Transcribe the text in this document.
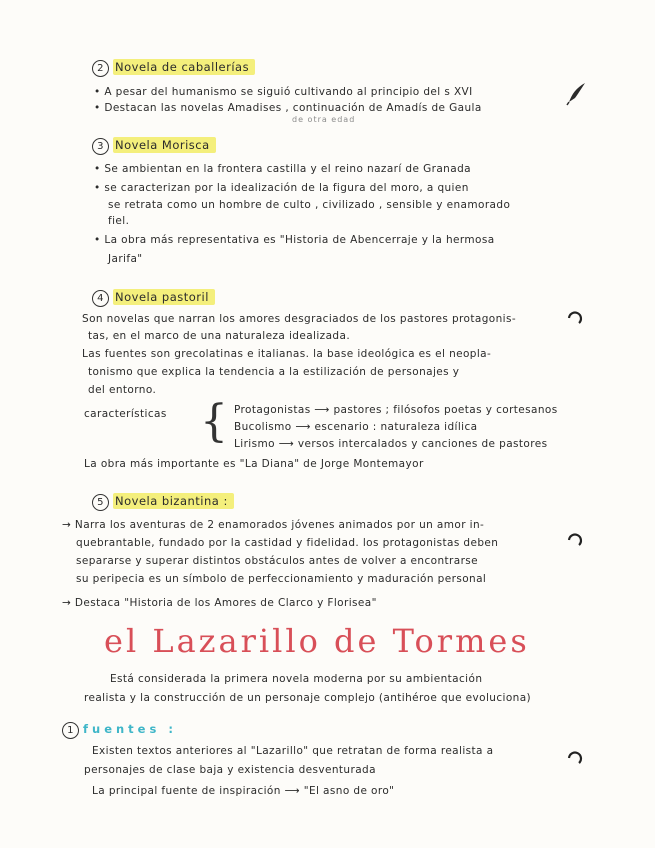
2 Novela de caballerías
• A pesar del humanismo se siguió cultivando al principio del s XVI
• Destacan las novelas Amadises , continuación de Amadís de Gaula
de otra edad
3 Novela Morisca
• Se ambientan en la frontera castilla y el reino nazarí de Granada
• se caracterizan por la idealización de la figura del moro, a quien
se retrata como un hombre de culto , civilizado , sensible y enamorado
fiel.
• La obra más representativa es "Historia de Abencerraje y la hermosa
Jarifa"
4 Novela pastoril
Son novelas que narran los amores desgraciados de los pastores protagonis-
tas, en el marco de una naturaleza idealizada.
Las fuentes son grecolatinas e italianas. la base ideológica es el neopla-
tonismo que explica la tendencia a la estilización de personajes y
del entorno.
características { Protagonistas ⟶ pastores ; filósofos poetas y cortesanos
Bucolismo ⟶ escenario : naturaleza idílica
Lirismo ⟶ versos intercalados y canciones de pastores
La obra más importante es "La Diana" de Jorge Montemayor
5 Novela bizantina :
→ Narra los aventuras de 2 enamorados jóvenes animados por un amor in-
quebrantable, fundado por la castidad y fidelidad. los protagonistas deben
separarse y superar distintos obstáculos antes de volver a encontrarse
su peripecia es un símbolo de perfeccionamiento y maduración personal
→ Destaca "Historia de los Amores de Clarco y Florisea"
el Lazarillo de Tormes
Está considerada la primera novela moderna por su ambientación
realista y la construcción de un personaje complejo (antihéroe que evoluciona)
1 fuentes :
Existen textos anteriores al "Lazarillo" que retratan de forma realista a
personajes de clase baja y existencia desventurada
La principal fuente de inspiración ⟶ "El asno de oro"
